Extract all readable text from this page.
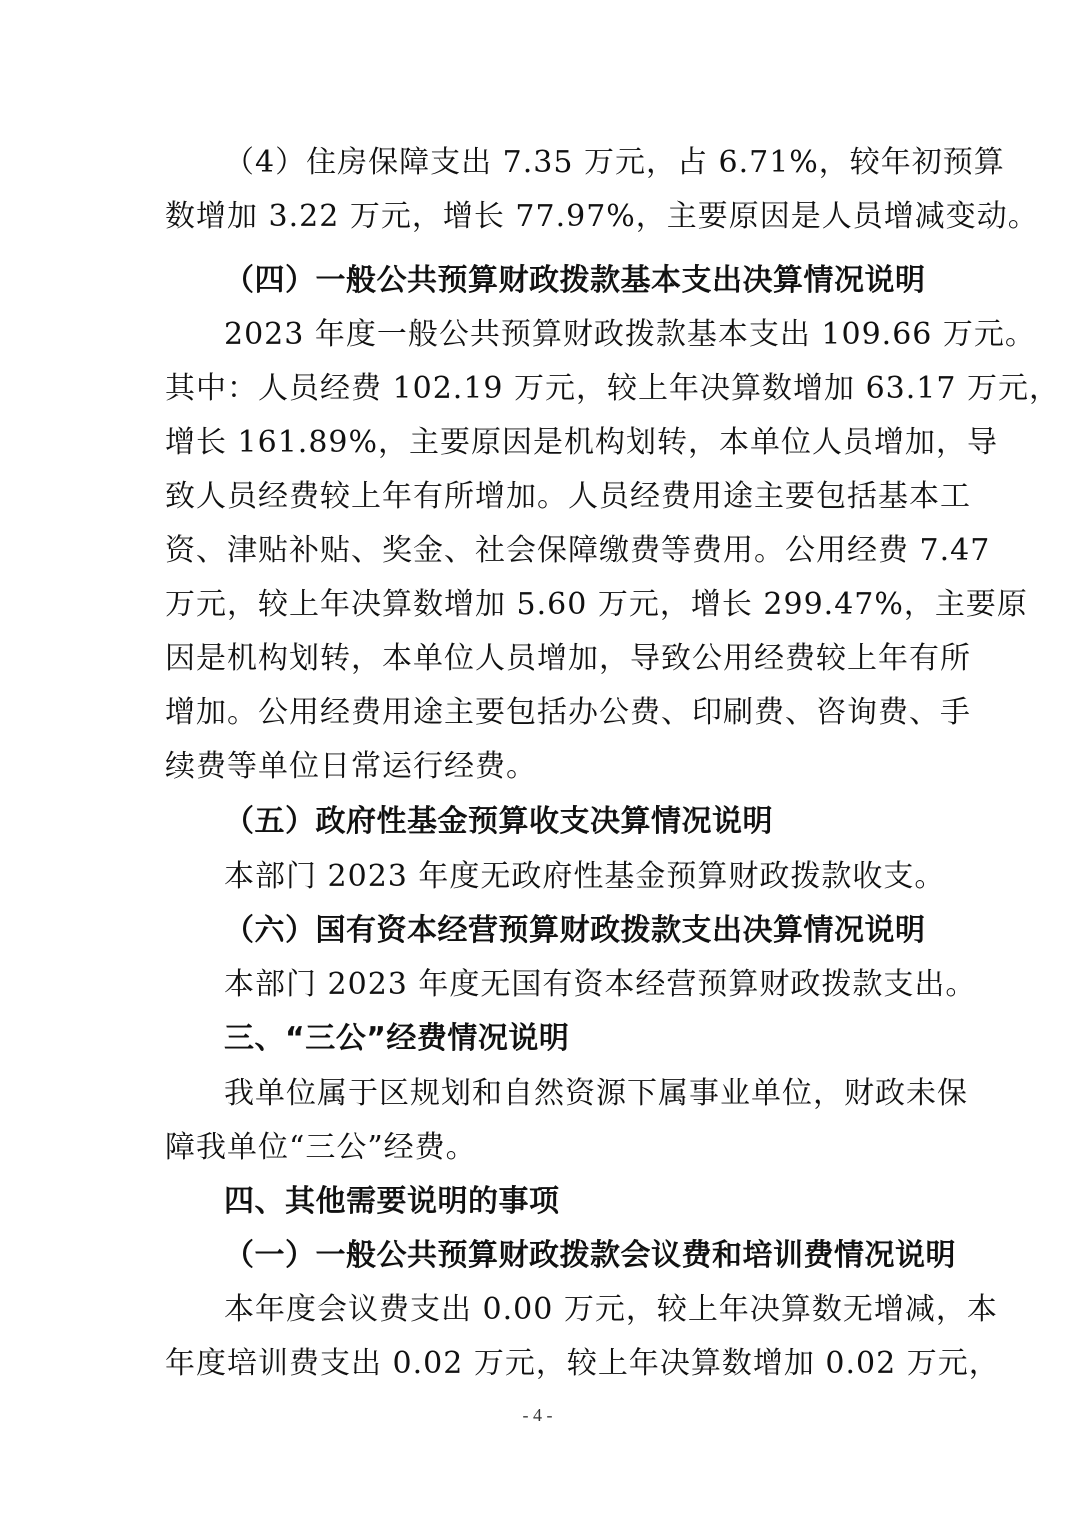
（4）住房保障支出 7.35 万元，占 6.71%，较年初预算
数增加 3.22 万元，增长 77.97%，主要原因是人员增减变动。
（四）一般公共预算财政拨款基本支出决算情况说明
2023 年度一般公共预算财政拨款基本支出 109.66 万元。
其中：人员经费 102.19 万元，较上年决算数增加 63.17 万元，
增长 161.89%，主要原因是机构划转，本单位人员增加，导
致人员经费较上年有所增加。人员经费用途主要包括基本工
资、津贴补贴、奖金、社会保障缴费等费用。公用经费 7.47
万元，较上年决算数增加 5.60 万元，增长 299.47%，主要原
因是机构划转，本单位人员增加，导致公用经费较上年有所
增加。公用经费用途主要包括办公费、印刷费、咨询费、手
续费等单位日常运行经费。
（五）政府性基金预算收支决算情况说明
本部门 2023 年度无政府性基金预算财政拨款收支。
（六）国有资本经营预算财政拨款支出决算情况说明
本部门 2023 年度无国有资本经营预算财政拨款支出。
三、“三公”经费情况说明
我单位属于区规划和自然资源下属事业单位，财政未保
障我单位“三公”经费。
四、其他需要说明的事项
（一）一般公共预算财政拨款会议费和培训费情况说明
本年度会议费支出 0.00 万元，较上年决算数无增减，本
年度培训费支出 0.02 万元，较上年决算数增加 0.02 万元，
- 4 -
